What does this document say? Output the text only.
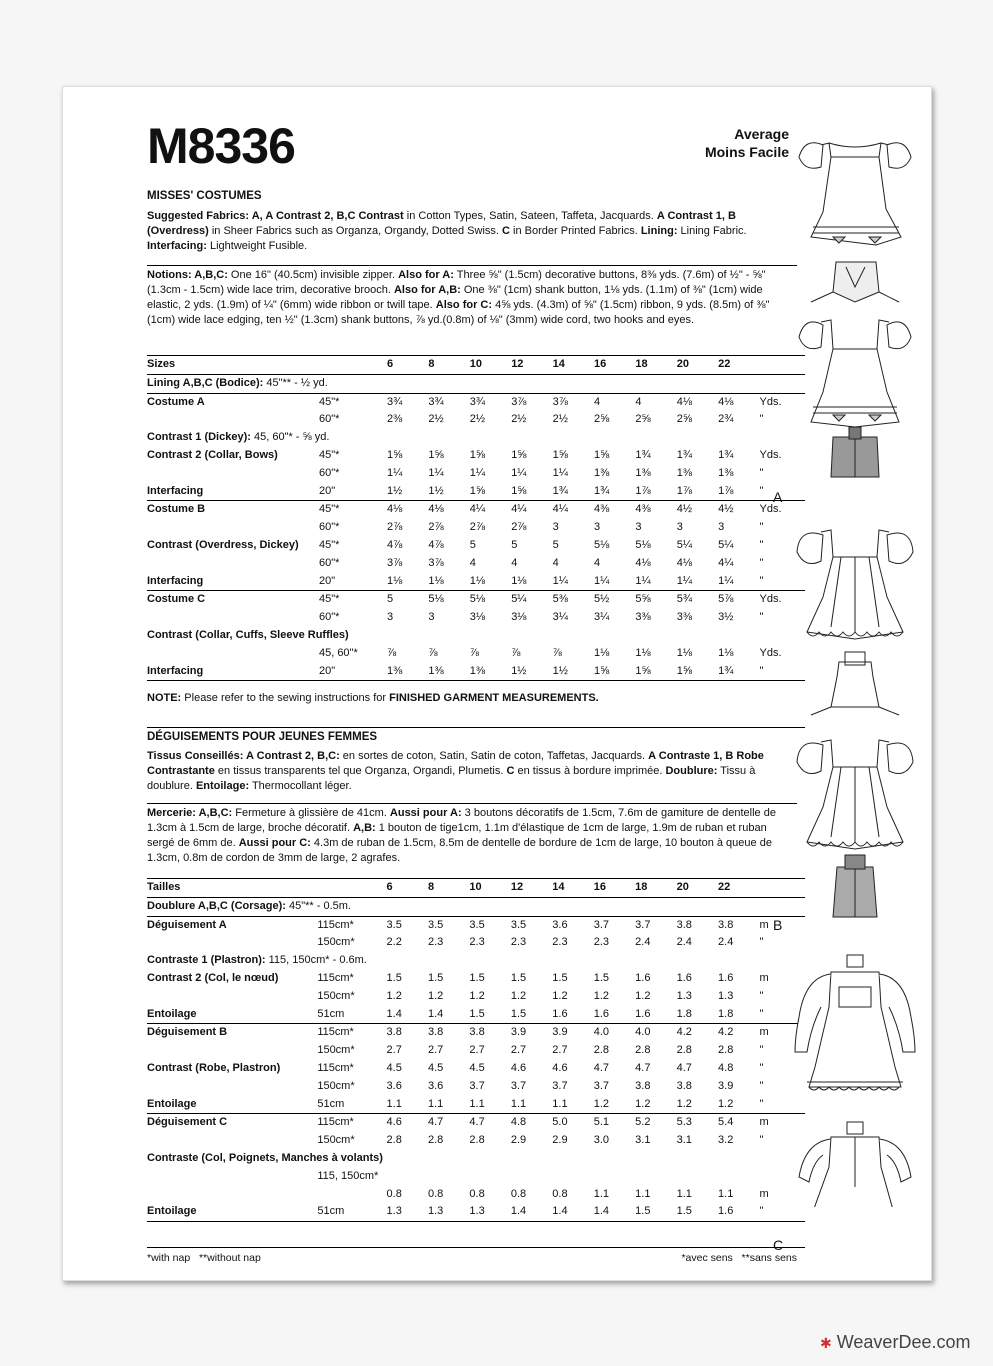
M8336	Average
Moins Facile
MISSES' COSTUMES
Suggested Fabrics: A, A Contrast 2, B,C Contrast in Cotton Types, Satin, Sateen, Taffeta, Jacquards. A Contrast 1, B (Overdress) in Sheer Fabrics such as Organza, Organdy, Dotted Swiss. C in Border Printed Fabrics. Lining: Lining Fabric. Interfacing: Lightweight Fusible.
Notions: A,B,C: One 16" (40.5cm) invisible zipper. Also for A: Three ⅝" (1.5cm) decorative buttons, 8⅜ yds. (7.6m) of ½" - ⅝" (1.3cm - 1.5cm) wide lace trim, decorative brooch. Also for A,B: One ⅜" (1cm) shank button, 1⅛ yds. (1.1m) of ⅜" (1cm) wide elastic, 2 yds. (1.9m) of ¼" (6mm) wide ribbon or twill tape. Also for C: 4⅝ yds. (4.3m) of ⅝" (1.5cm) ribbon, 9 yds. (8.5m) of ⅜" (1cm) wide lace edging, ten ½" (1.3cm) shank buttons, ⅞ yd.(0.8m) of ⅛" (3mm) wide cord, two hooks and eyes.
Sizes		6	8	10	12	14	16	18	20	22	
Lining A,B,C (Bodice): 45"** - ½ yd.											
Costume A	45"*	3¾	3¾	3¾	3⅞	3⅞	4	4	4⅛	4⅛	Yds.
	60"*	2⅜	2½	2½	2½	2½	2⅝	2⅝	2⅝	2¾	"
Contrast 1 (Dickey): 45, 60"* - ⅝ yd.											
Contrast 2 (Collar, Bows)	45"*	1⅝	1⅝	1⅝	1⅝	1⅝	1⅝	1¾	1¾	1¾	Yds.
	60"*	1¼	1¼	1¼	1¼	1¼	1⅜	1⅜	1⅜	1⅜	"
Interfacing	20"	1½	1½	1⅝	1⅝	1¾	1¾	1⅞	1⅞	1⅞	"
Costume B	45"*	4⅛	4⅛	4¼	4¼	4¼	4⅜	4⅜	4½	4½	Yds.
	60"*	2⅞	2⅞	2⅞	2⅞	3	3	3	3	3	"
Contrast (Overdress, Dickey)	45"*	4⅞	4⅞	5	5	5	5⅛	5⅛	5¼	5¼	"
	60"*	3⅞	3⅞	4	4	4	4	4⅛	4⅛	4¼	"
Interfacing	20"	1⅛	1⅛	1⅛	1⅛	1¼	1¼	1¼	1¼	1¼	"
Costume C	45"*	5	5⅛	5⅛	5¼	5⅜	5½	5⅝	5¾	5⅞	Yds.
	60"*	3	3	3⅛	3⅛	3¼	3¼	3⅜	3⅜	3½	"
Contrast (Collar, Cuffs, Sleeve Ruffles)											
	45, 60"*	⅞	⅞	⅞	⅞	⅞	1⅛	1⅛	1⅛	1⅛	Yds.
Interfacing	20"	1⅜	1⅜	1⅜	1½	1½	1⅝	1⅝	1⅝	1¾	"
NOTE: Please refer to the sewing instructions for FINISHED GARMENT MEASUREMENTS.
DÉGUISEMENTS POUR JEUNES FEMMES
Tissus Conseillés: A Contrast 2, B,C: en sortes de coton, Satin, Satin de coton, Taffetas, Jacquards. A Contraste 1, B Robe Contrastante en tissus transparents tel que Organza, Organdi, Plumetis. C en tissus à bordure imprimée. Doublure: Tissu à doublure. Entoilage: Thermocollant léger.
Mercerie: A,B,C: Fermeture à glissière de 41cm. Aussi pour A: 3 boutons décoratifs de 1.5cm, 7.6m de gamiture de dentelle de 1.3cm à 1.5cm de large, broche décoratif. A,B: 1 bouton de tige1cm, 1.1m d'élastique de 1cm de large, 1.9m de ruban et ruban sergé de 6mm de. Aussi pour C: 4.3m de ruban de 1.5cm, 8.5m de dentelle de bordure de 1cm de large, 10 bouton à queue de 1.3cm, 0.8m de cordon de 3mm de large, 2 agrafes.
Tailles		6	8	10	12	14	16	18	20	22	
Doublure A,B,C (Corsage): 45"** - 0.5m.											
Déguisement A	115cm*	3.5	3.5	3.5	3.5	3.6	3.7	3.7	3.8	3.8	m
	150cm*	2.2	2.3	2.3	2.3	2.3	2.3	2.4	2.4	2.4	"
Contraste 1 (Plastron): 115, 150cm* - 0.6m.											
Contrast 2 (Col, le nœud)	115cm*	1.5	1.5	1.5	1.5	1.5	1.5	1.6	1.6	1.6	m
	150cm*	1.2	1.2	1.2	1.2	1.2	1.2	1.2	1.3	1.3	"
Entoilage	51cm	1.4	1.4	1.5	1.5	1.6	1.6	1.6	1.8	1.8	"
Déguisement B	115cm*	3.8	3.8	3.8	3.9	3.9	4.0	4.0	4.2	4.2	m
	150cm*	2.7	2.7	2.7	2.7	2.7	2.8	2.8	2.8	2.8	"
Contrast (Robe, Plastron)	115cm*	4.5	4.5	4.5	4.6	4.6	4.7	4.7	4.7	4.8	"
	150cm*	3.6	3.6	3.7	3.7	3.7	3.7	3.8	3.8	3.9	"
Entoilage	51cm	1.1	1.1	1.1	1.1	1.1	1.2	1.2	1.2	1.2	"
Déguisement C	115cm*	4.6	4.7	4.7	4.8	5.0	5.1	5.2	5.3	5.4	m
	150cm*	2.8	2.8	2.8	2.9	2.9	3.0	3.1	3.1	3.2	"
Contraste (Col, Poignets, Manches à volants)											
	115, 150cm*										
		0.8	0.8	0.8	0.8	0.8	1.1	1.1	1.1	1.1	m
Entoilage	51cm	1.3	1.3	1.3	1.4	1.4	1.4	1.5	1.5	1.6	"
*with nap   **without nap	*avec sens   **sans sens
A
B
C
✱ WeaverDee.com
